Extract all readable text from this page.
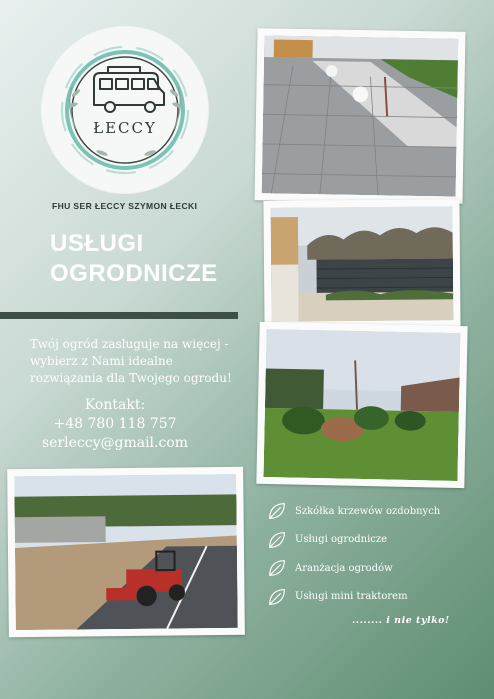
ŁECCY
FHU SER ŁECCY SZYMON ŁECKI
USŁUGI
OGRODNICZE
Twój ogród zasługuje na więcej - wybierz z Nami idealne rozwiązania dla Twojego ogrodu!
Kontakt:
+48 780 118 757
serleccy@gmail.com
Szkółka krzewów ozdobnych
Usługi ogrodnicze
Aranżacja ogrodów
Usługi mini traktorem
........ i nie tylko!
